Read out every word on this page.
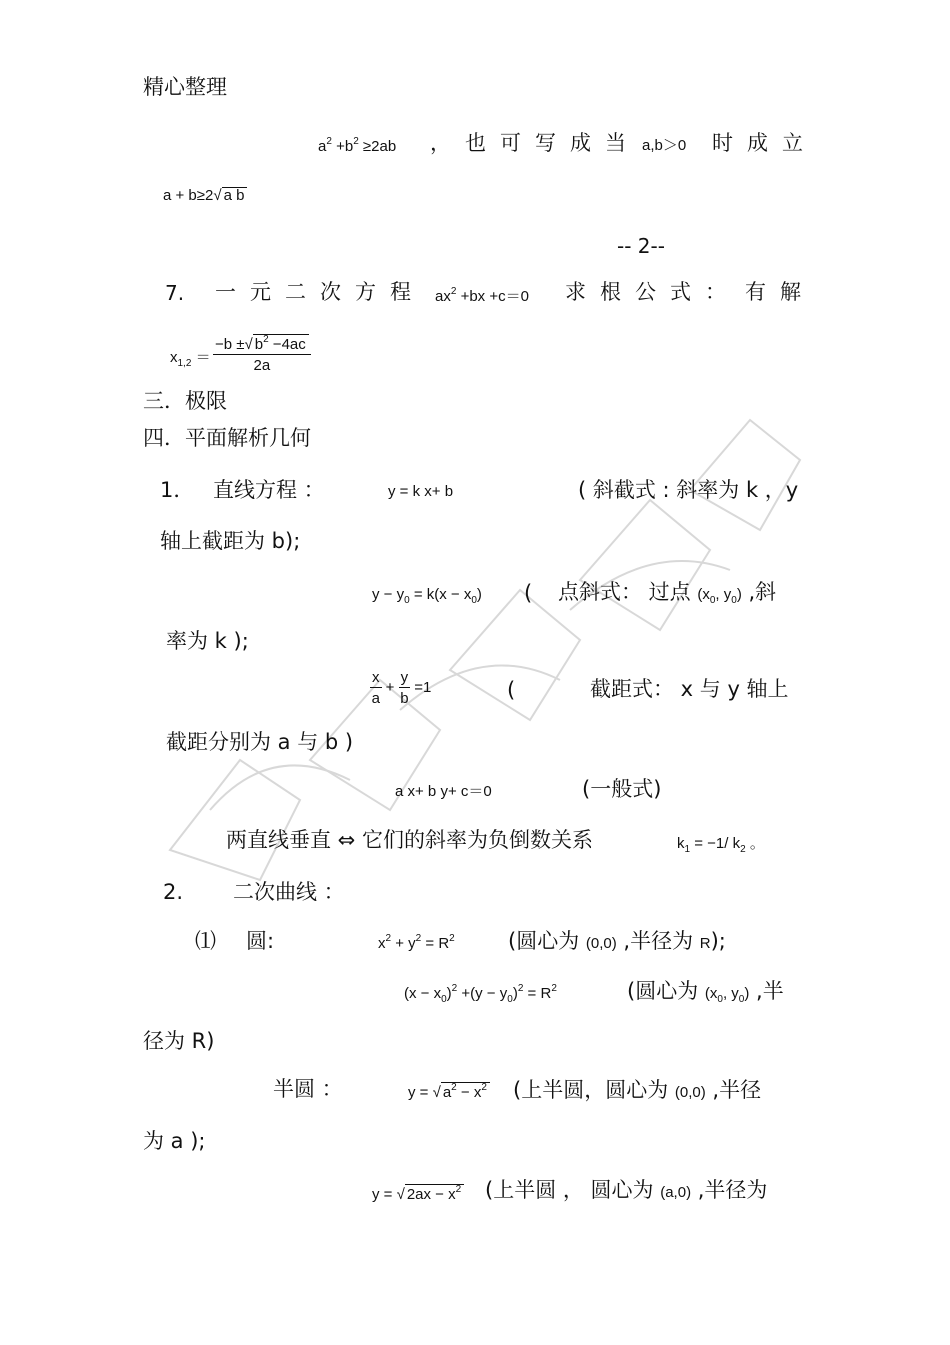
精心整理
$a^2 +b^2 \ge 2ab$ ， 也可写成当 a,b＞0 时成立
a + b≥2√a b
-- 2--
7. 一元二次方程 $ax^2 +bx +c=0$ 求根公式： 有解
$x_{1,2} = \frac{-b \pm√ b^2 -4ac}{2a}$
三．极限
四．平面解析几何
1． 直线方程 ：	y = k x+ b	( 斜截式 : 斜率为 k ，y
轴上截距为 b);
$y - y_0 = k(x - x_0)$ ( 点斜式： 过点 ($x_0$, $y_0$) ,斜
率为 k );
$\frac{x}{a} + \frac{y}{b} =1$	(	截距式： x 与 y 轴上
截距分别为 a 与 b )
a x+ b y+ c＝0	(一般式)
两直线垂直 ⇔ 它们的斜率为负倒数关系	$k_1 = -1/$ $k_2$ 。
2. 二次曲线 ：
⑴ 圆:	$x^2 + y^2 = R^2$	(圆心为 (0,0) ,半径为 R);
$(x - x_0)^2 +(y - y_0)^2 = R^2$	(圆心为 ($x_0$, $y_0$) ,半
径为 R)
半圆 ：	y = √ $a^2 - x^2$ (上半圆，圆心为 (0,0) ,半径
为 a );
y = √ $2ax - x^2$ (上半圆 ， 圆心为 (a,0) ,半径为
